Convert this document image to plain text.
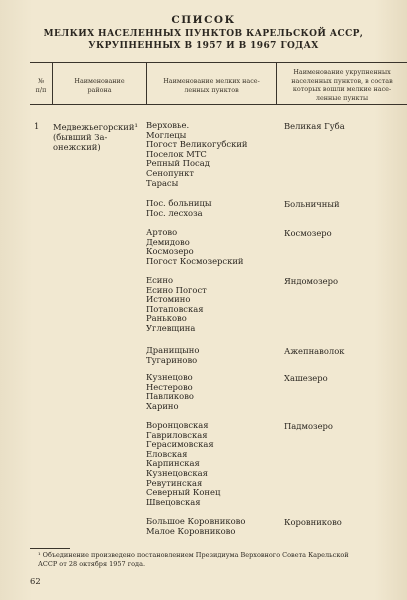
СПИСОК
МЕЛКИХ НАСЕЛЕННЫХ ПУНКТОВ КАРЕЛЬСКОЙ АССР,
УКРУПНЕННЫХ В 1957 И В 1967 ГОДАХ
№
п/п
Наименование
района
Наименование мелких насе-
ленных пунктов
Наименование укрупненных
населенных пунктов, в состав
которых вошли мелкие насе-
ленные пункты
1 Медвежьегорский¹
(бывший За-
онежский)
Великая Губа
Верховье.
Моглецы
Погост Великогубский
Поселок МТС
Репный Посад
Сенопункт
Тарасы
Больничный
Пос. больницы
Пос. лесхоза
Космозеро
Артово
Демидово
Космозеро
Погост Космозерский
Яндомозеро
Есино
Есино Погост
Истомино
Потаповская
Раньково
Углевщина
Ажепнаволок
Дранищыно
Тугариново
Хашезеро
Кузнецово
Нестерово
Павликово
Харино
Падмозеро
Воронцовская
Гавриловская
Герасимовская
Еловская
Карпинская
Кузнецовская
Ревутинская
Северный Конец
Швецовская
Коровниково
Большое Коровниково
Малое Коровниково
¹ Объединение произведено постановлением Президиума Верховного Совета Карельской
АССР от 28 октября 1957 года.
62
